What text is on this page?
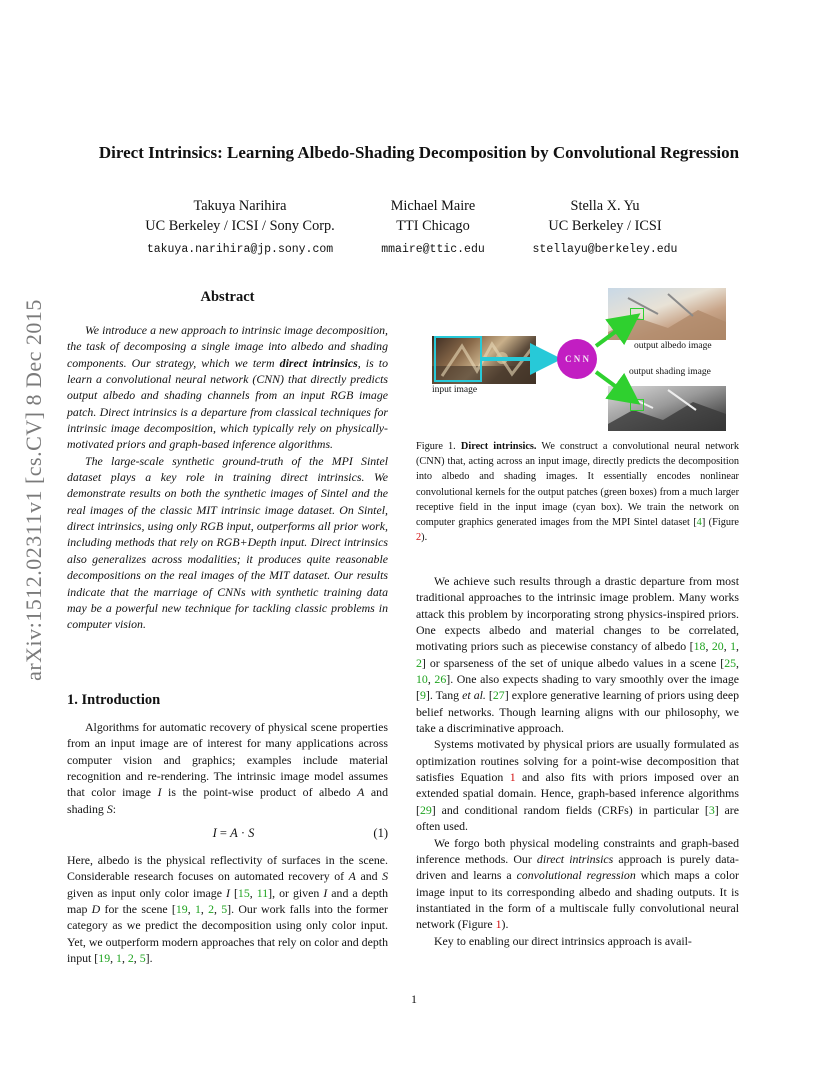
arXiv:1512.02311v1 [cs.CV] 8 Dec 2015
Direct Intrinsics: Learning Albedo-Shading Decomposition by Convolutional Regression
Takuya Narihira
UC Berkeley / ICSI / Sony Corp.
takuya.narihira@jp.sony.com
Michael Maire
TTI Chicago
mmaire@ttic.edu
Stella X. Yu
UC Berkeley / ICSI
stellayu@berkeley.edu
Abstract

We introduce a new approach to intrinsic image decomposition, the task of decomposing a single image into albedo and shading components. Our strategy, which we term direct intrinsics, is to learn a convolutional neural network (CNN) that directly predicts output albedo and shading channels from an input RGB image patch. Direct intrinsics is a departure from classical techniques for intrinsic image decomposition, which typically rely on physically-motivated priors and graph-based inference algorithms.

The large-scale synthetic ground-truth of the MPI Sintel dataset plays a key role in training direct intrinsics. We demonstrate results on both the synthetic images of Sintel and the real images of the classic MIT intrinsic image dataset. On Sintel, direct intrinsics, using only RGB input, outperforms all prior work, including methods that rely on RGB+Depth input. Direct intrinsics also generalizes across modalities; it produces quite reasonable decompositions on the real images of the MIT dataset. Our results indicate that the marriage of CNNs with synthetic training data may be a powerful new technique for tackling classic problems in computer vision.

1. Introduction

Algorithms for automatic recovery of physical scene properties from an input image are of interest for many applications across computer vision and graphics; examples include material recognition and re-rendering. The intrinsic image model assumes that color image I is the point-wise product of albedo A and shading S:

I = A · S	(1)

Here, albedo is the physical reflectivity of surfaces in the scene. Considerable research focuses on automated recovery of A and S given as input only color image I [15, 11], or given I and a depth map D for the scene [19, 1, 2, 5]. Our work falls into the former category as we predict the decomposition using only color input. Yet, we outperform modern approaches that rely on color and depth input [19, 1, 2, 5].

input image
output albedo image
output shading image
C N N
Figure 1. Direct intrinsics. We construct a convolutional neural network (CNN) that, acting across an input image, directly predicts the decomposition into albedo and shading images. It essentially encodes nonlinear convolutional kernels for the output patches (green boxes) from a much larger receptive field in the input image (cyan box). We train the network on computer graphics generated images from the MPI Sintel dataset [4] (Figure 2).

We achieve such results through a drastic departure from most traditional approaches to the intrinsic image problem. Many works attack this problem by incorporating strong physics-inspired priors. One expects albedo and material changes to be correlated, motivating priors such as piecewise constancy of albedo [18, 20, 1, 2] or sparseness of the set of unique albedo values in a scene [25, 10, 26]. One also expects shading to vary smoothly over the image [9]. Tang et al. [27] explore generative learning of priors using deep belief networks. Though learning aligns with our philosophy, we take a discriminative approach.

Systems motivated by physical priors are usually formulated as optimization routines solving for a point-wise decomposition that satisfies Equation 1 and also fits with priors imposed over an extended spatial domain. Hence, graph-based inference algorithms [29] and conditional random fields (CRFs) in particular [3] are often used.

We forgo both physical modeling constraints and graph-based inference methods. Our direct intrinsics approach is purely data-driven and learns a convolutional regression which maps a color image input to its corresponding albedo and shading outputs. It is instantiated in the form of a multiscale fully convolutional neural network (Figure 1).

Key to enabling our direct intrinsics approach is avail-

1
